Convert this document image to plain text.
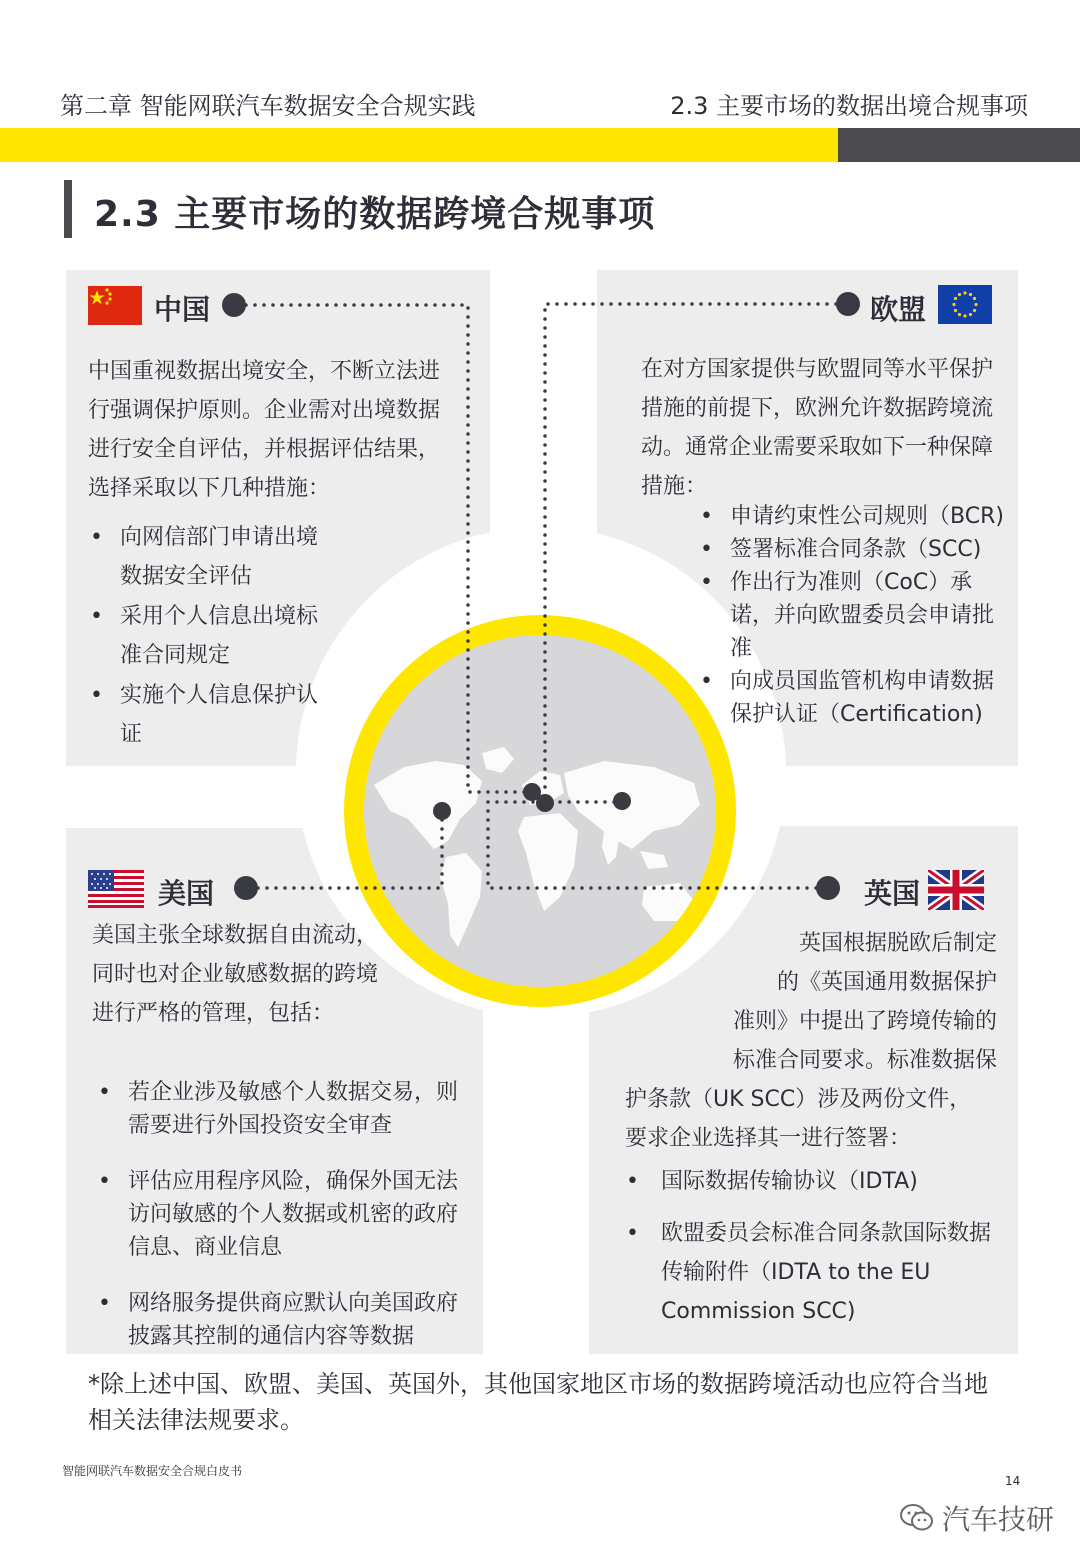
第二章 智能网联汽车数据安全合规实践	2.3 主要市场的数据出境合规事项
2.3 主要市场的数据跨境合规事项
中国	欧盟
美国	英国

中国重视数据出境安全，不断立法进行强调保护原则。企业需对出境数据进行安全自评估，并根据评估结果，选择采取以下几种措施：

• 向网信部门申请出境数据安全评估
• 采用个人信息出境标准合同规定
• 实施个人信息保护认证

在对方国家提供与欧盟同等水平保护措施的前提下，欧洲允许数据跨境流动。通常企业需要采取如下一种保障措施：

• 申请约束性公司规则（BCR)
• 签署标准合同条款（SCC)
• 作出行为准则（CoC）承诺，并向欧盟委员会申请批准
• 向成员国监管机构申请数据保护认证（Certification)

美国主张全球数据自由流动，同时也对企业敏感数据的跨境进行严格的管理，包括：

• 若企业涉及敏感个人数据交易，则需要进行外国投资安全审查
• 评估应用程序风险，确保外国无法访问敏感的个人数据或机密的政府信息、商业信息
• 网络服务提供商应默认向美国政府披露其控制的通信内容等数据
英国根据脱欧后制定
的《英国通用数据保护
准则》中提出了跨境传输的
标准合同要求。标准数据保
护条款（UK SCC）涉及两份文件，
要求企业选择其一进行签署：
• 国际数据传输协议（IDTA)
• 欧盟委员会标准合同条款国际数据传输附件（IDTA to the EU Commission SCC)

*除上述中国、欧盟、美国、英国外，其他国家地区市场的数据跨境活动也应符合当地相关法律法规要求。

智能网联汽车数据安全合规白皮书
14
汽车技研
